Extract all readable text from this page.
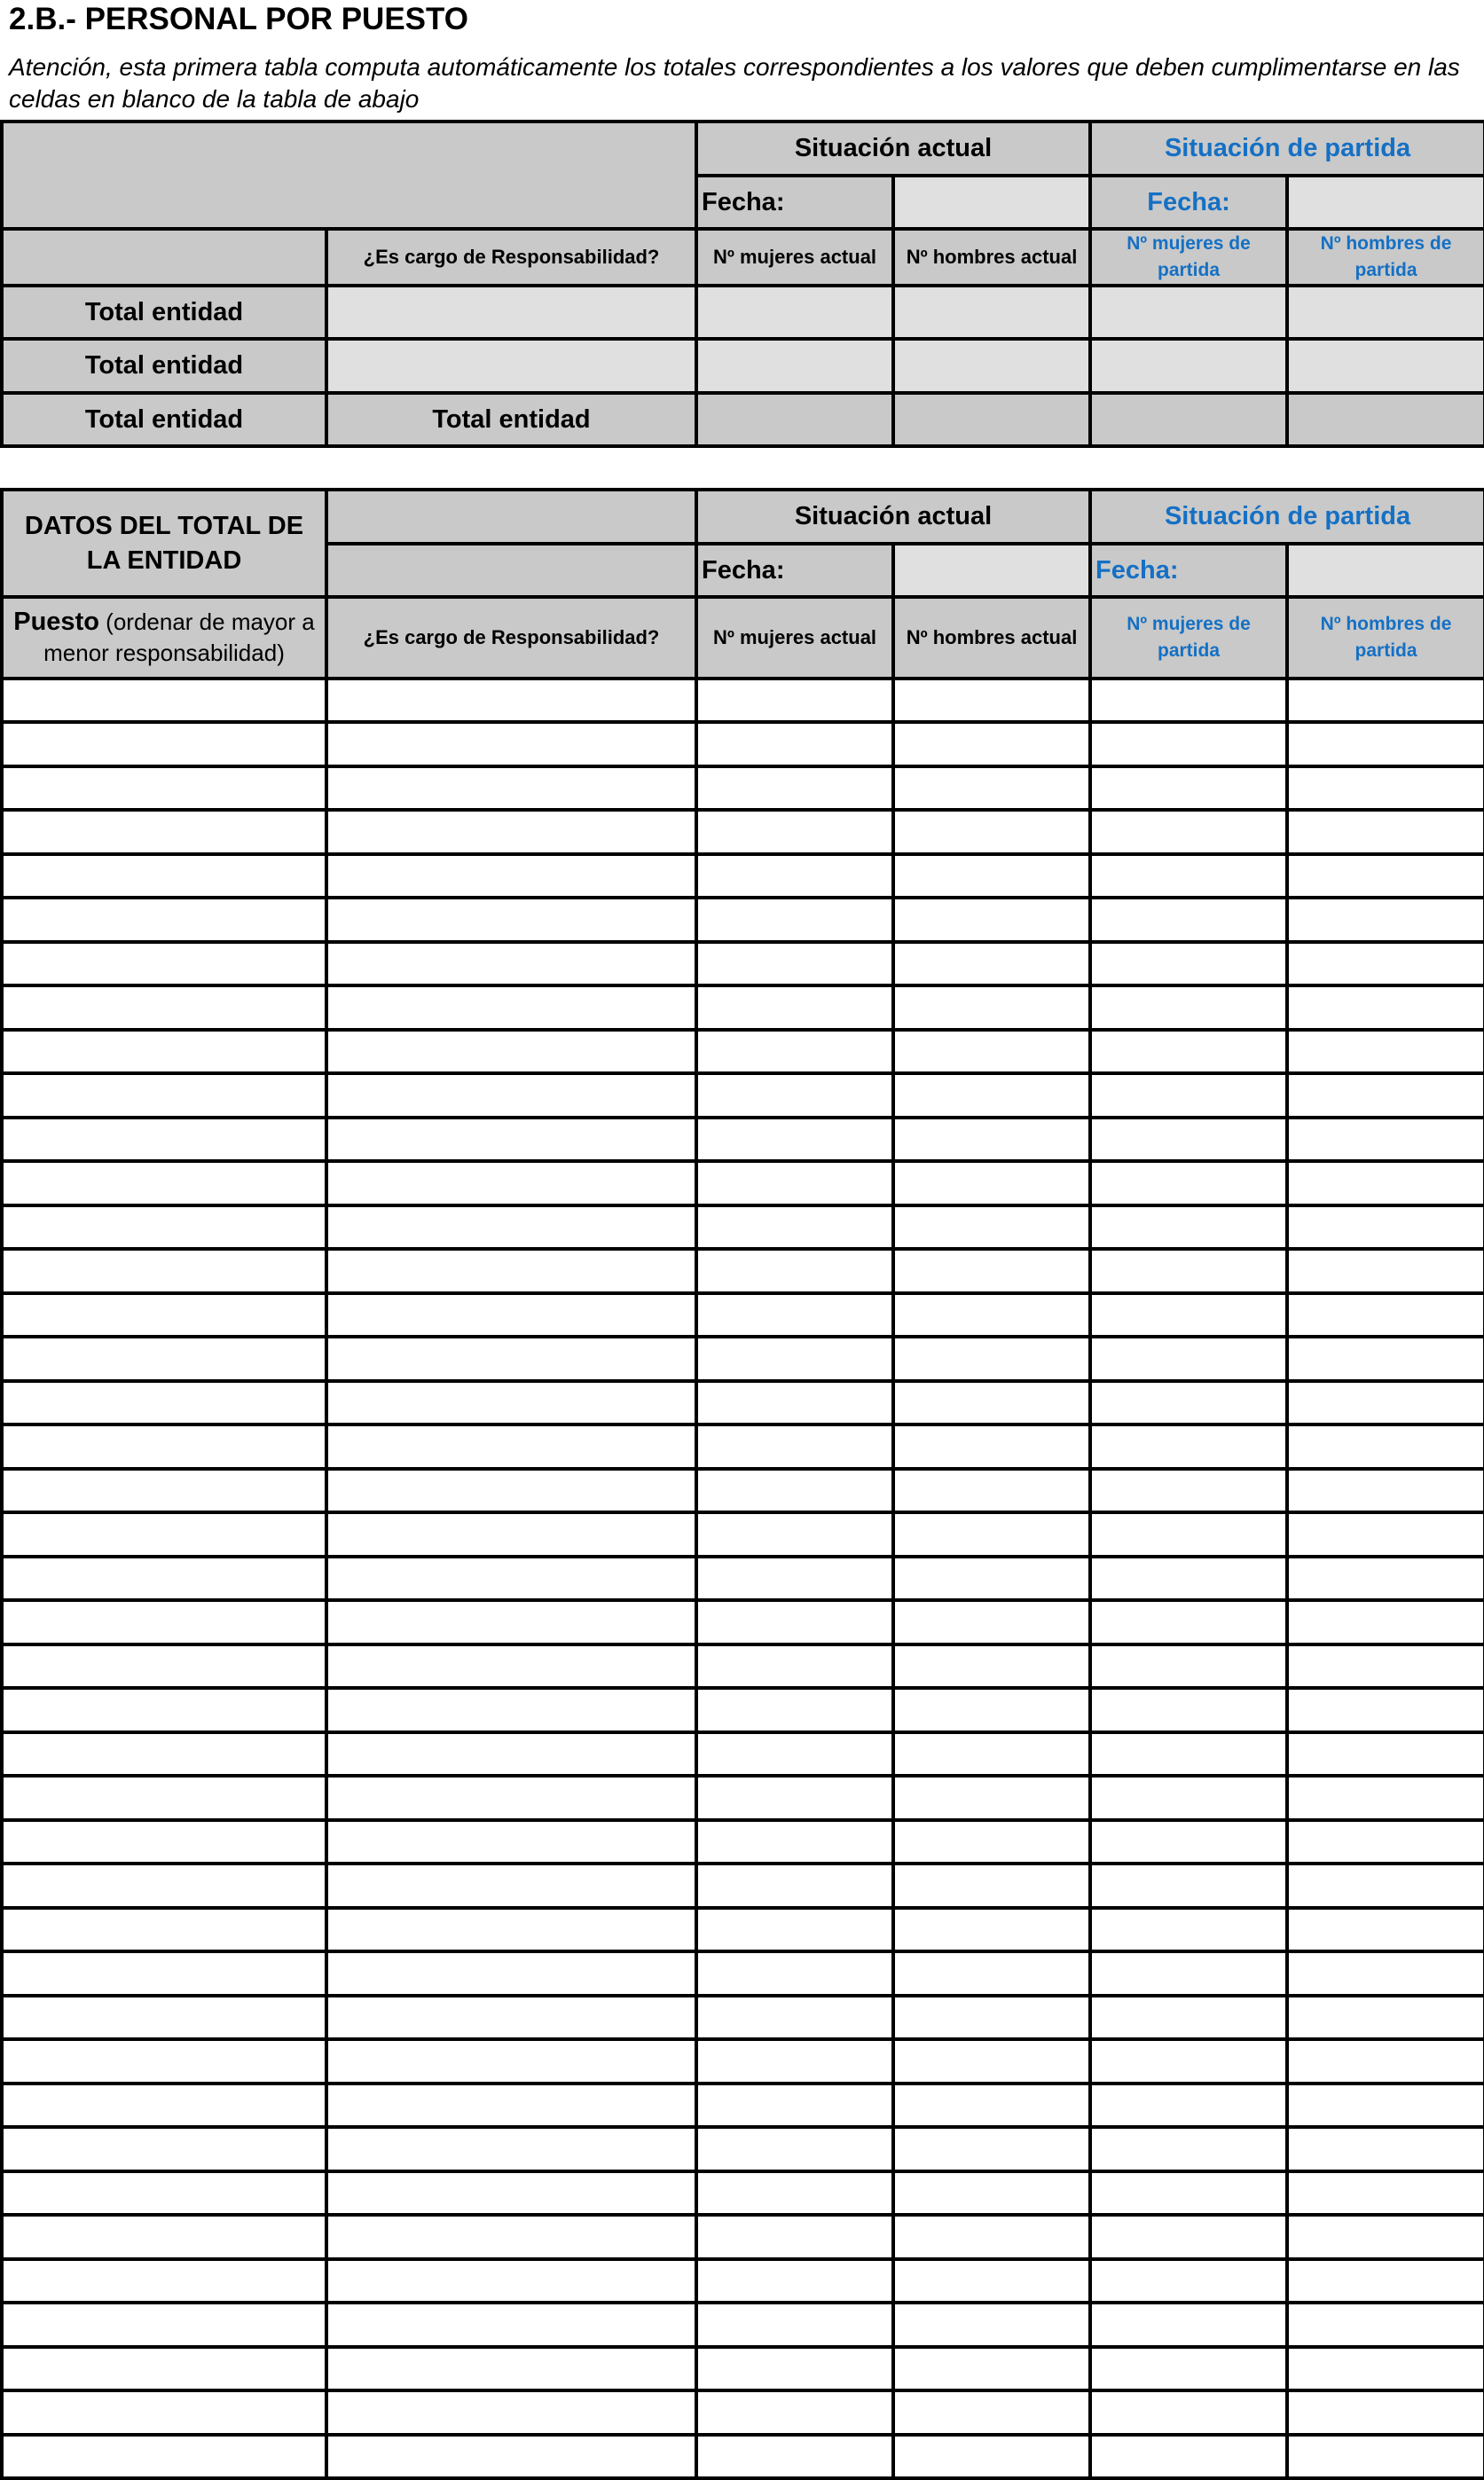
2.B.- PERSONAL POR PUESTO
Atención, esta primera tabla computa automáticamente los totales correspondientes a los valores que deben cumplimentarse en las celdas en blanco de la tabla de abajo
		Situación actual		Situación de partida	
		Fecha:		Fecha:	
	¿Es cargo de Responsabilidad?	Nº mujeres actual	Nº hombres actual	Nº mujeres de partida	Nº hombres de partida
Total entidad					
Total entidad					
Total entidad	Total entidad				
DATOS DEL TOTAL DE LA ENTIDAD		Situación actual		Situación de partida	
		Fecha:		Fecha:	
Puesto (ordenar de mayor a menor responsabilidad)	¿Es cargo de Responsabilidad?	Nº mujeres actual	Nº hombres actual	Nº mujeres de partida	Nº hombres de partida
